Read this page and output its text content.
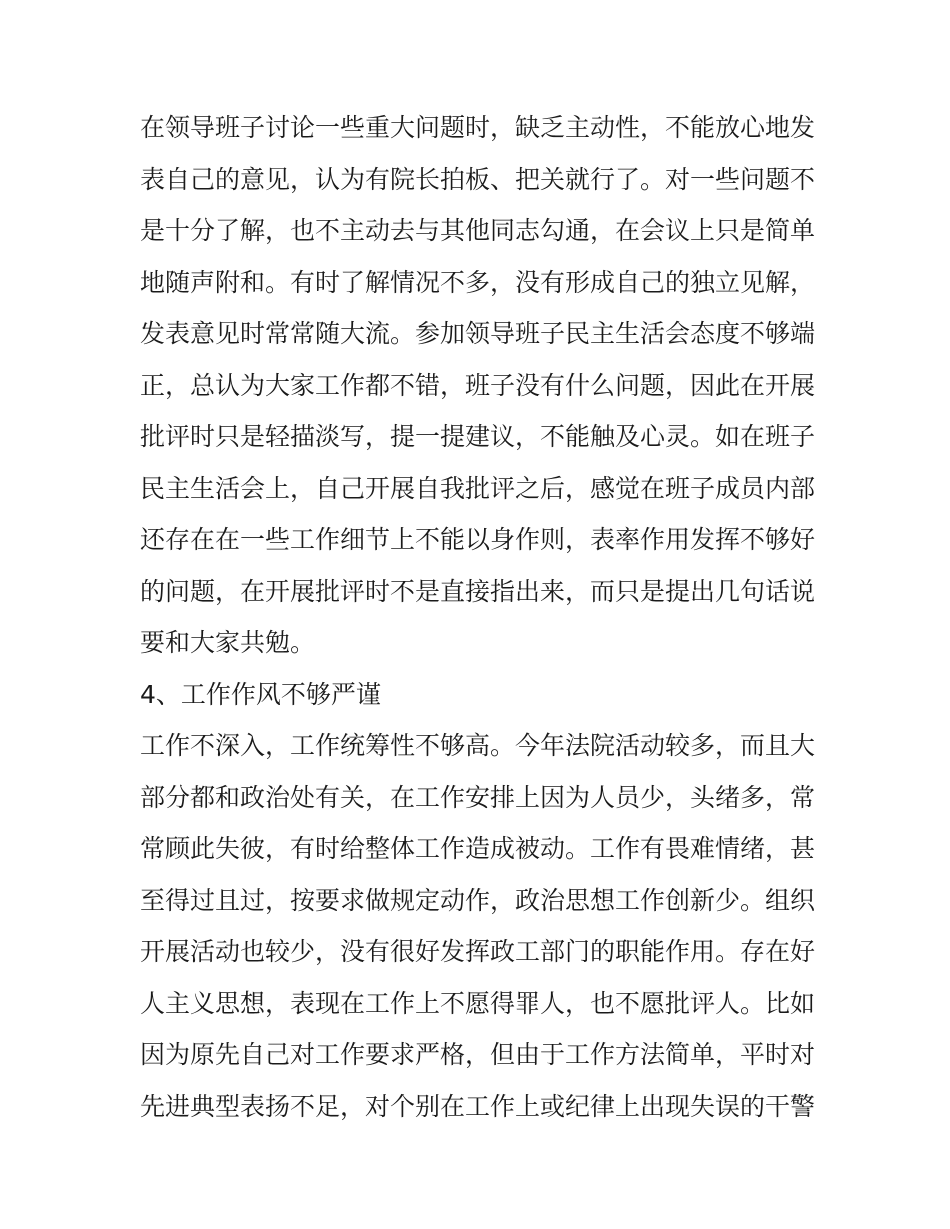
在领导班子讨论一些重大问题时，缺乏主动性，不能放心地发
表自己的意见，认为有院长拍板、把关就行了。对一些问题不
是十分了解，也不主动去与其他同志勾通，在会议上只是简单
地随声附和。有时了解情况不多，没有形成自己的独立见解，
发表意见时常常随大流。参加领导班子民主生活会态度不够端
正，总认为大家工作都不错，班子没有什么问题，因此在开展
批评时只是轻描淡写，提一提建议，不能触及心灵。如在班子
民主生活会上，自己开展自我批评之后，感觉在班子成员内部
还存在在一些工作细节上不能以身作则，表率作用发挥不够好
的问题，在开展批评时不是直接指出来，而只是提出几句话说
要和大家共勉。
4、工作作风不够严谨
工作不深入，工作统筹性不够高。今年法院活动较多，而且大
部分都和政治处有关，在工作安排上因为人员少，头绪多，常
常顾此失彼，有时给整体工作造成被动。工作有畏难情绪，甚
至得过且过，按要求做规定动作，政治思想工作创新少。组织
开展活动也较少，没有很好发挥政工部门的职能作用。存在好
人主义思想，表现在工作上不愿得罪人，也不愿批评人。比如
因为原先自己对工作要求严格，但由于工作方法简单，平时对
先进典型表扬不足，对个别在工作上或纪律上出现失误的干警
